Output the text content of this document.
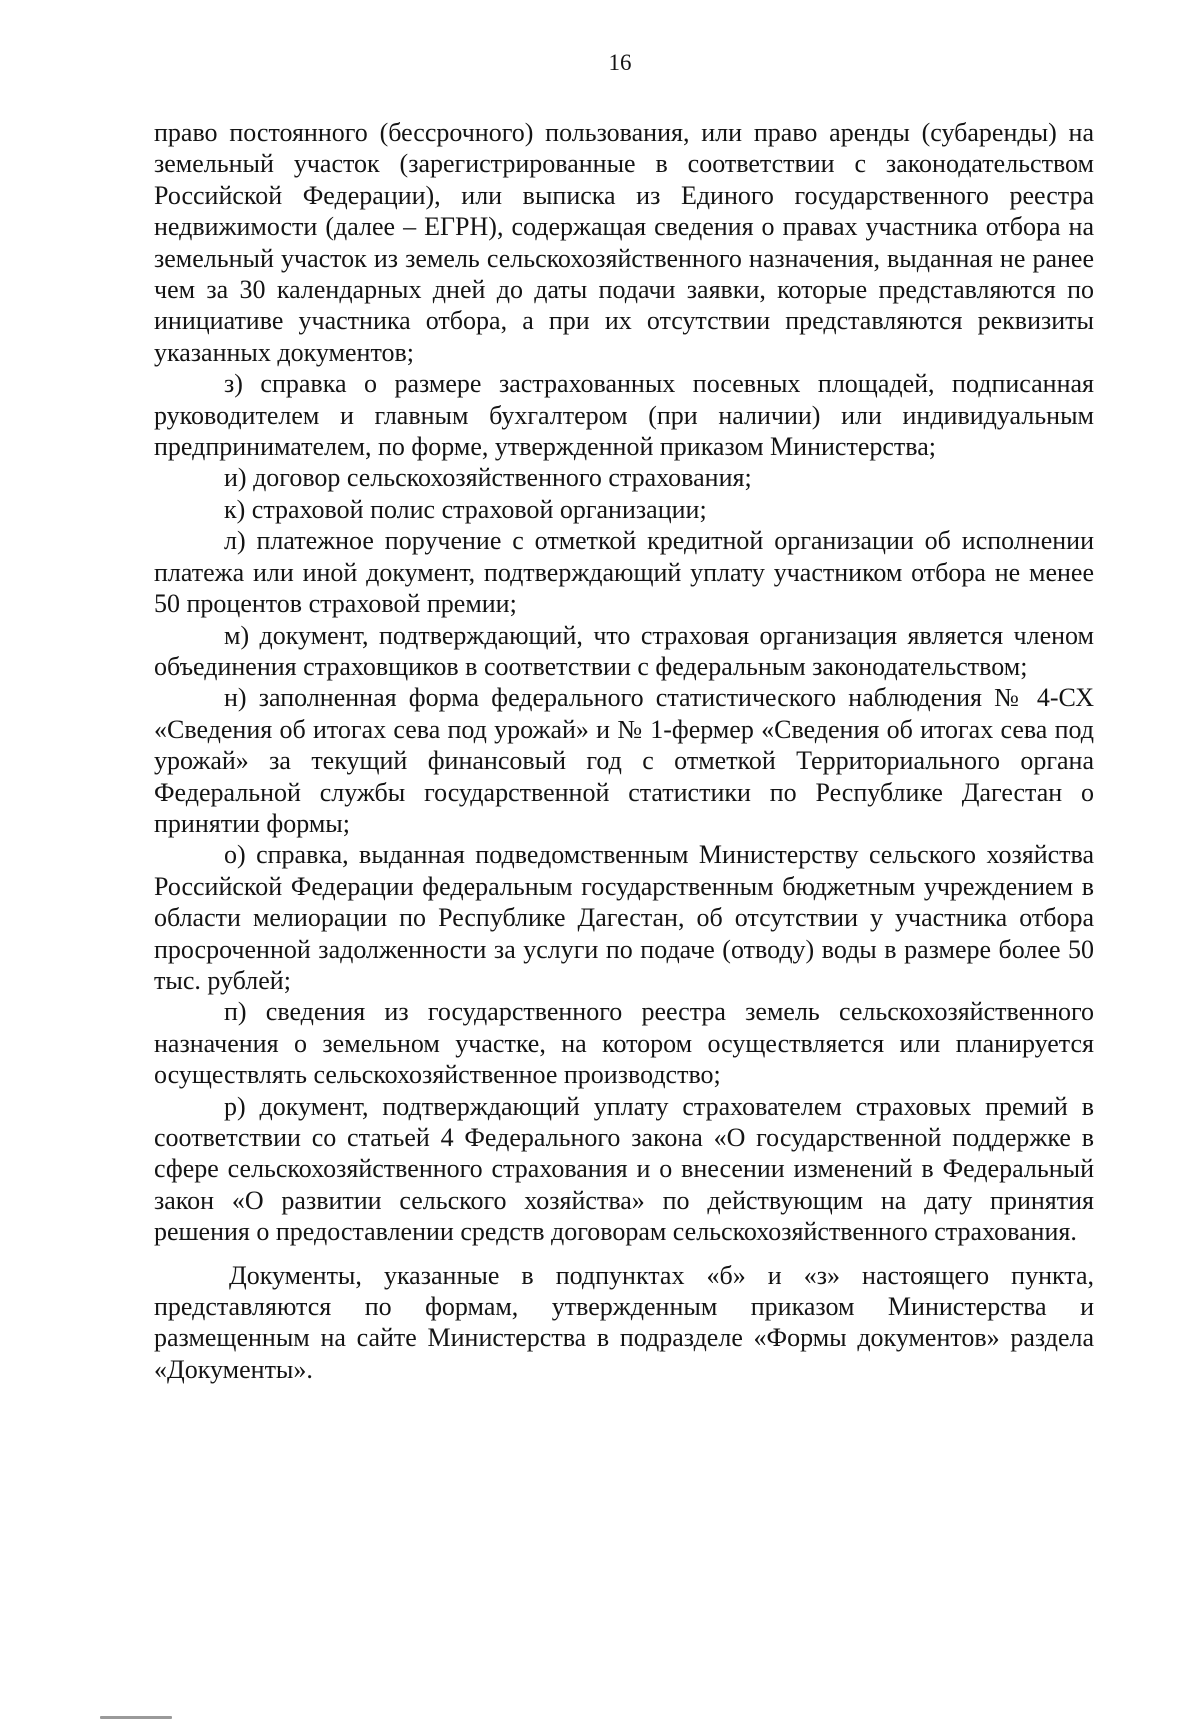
16

право постоянного (бессрочного) пользования, или право аренды (субаренды) на земельный участок (зарегистрированные в соответствии с законодательством Российской Федерации), или выписка из Единого государственного реестра недвижимости (далее – ЕГРН), содержащая сведения о правах участника отбора на земельный участок из земель сельскохозяйственного назначения, выданная не ранее чем за 30 календарных дней до даты подачи заявки, которые представляются по инициативе участника отбора, а при их отсутствии представляются реквизиты указанных документов;

з) справка о размере застрахованных посевных площадей, подписанная руководителем и главным бухгалтером (при наличии) или индивидуальным предпринимателем, по форме, утвержденной приказом Министерства;

и) договор сельскохозяйственного страхования;

к) страховой полис страховой организации;

л) платежное поручение с отметкой кредитной организации об исполнении платежа или иной документ, подтверждающий уплату участником отбора не менее 50 процентов страховой премии;

м) документ, подтверждающий, что страховая организация является членом объединения страховщиков в соответствии с федеральным законодательством;

н) заполненная форма федерального статистического наблюдения № 4-СХ «Сведения об итогах сева под урожай» и № 1-фермер «Сведения об итогах сева под урожай» за текущий финансовый год с отметкой Территориального органа Федеральной службы государственной статистики по Республике Дагестан о принятии формы;

о) справка, выданная подведомственным Министерству сельского хозяйства Российской Федерации федеральным государственным бюджетным учреждением в области мелиорации по Республике Дагестан, об отсутствии у участника отбора просроченной задолженности за услуги по подаче (отводу) воды в размере более 50 тыс. рублей;

п) сведения из государственного реестра земель сельскохозяйственного назначения о земельном участке, на котором осуществляется или планируется осуществлять сельскохозяйственное производство;

р) документ, подтверждающий уплату страхователем страховых премий в соответствии со статьей 4 Федерального закона «О государственной поддержке в сфере сельскохозяйственного страхования и о внесении изменений в Федеральный закон «О развитии сельского хозяйства» по действующим на дату принятия решения о предоставлении средств договорам сельскохозяйственного страхования.

Документы, указанные в подпунктах «б» и «з» настоящего пункта, представляются по формам, утвержденным приказом Министерства и размещенным на сайте Министерства в подразделе «Формы документов» раздела «Документы».
